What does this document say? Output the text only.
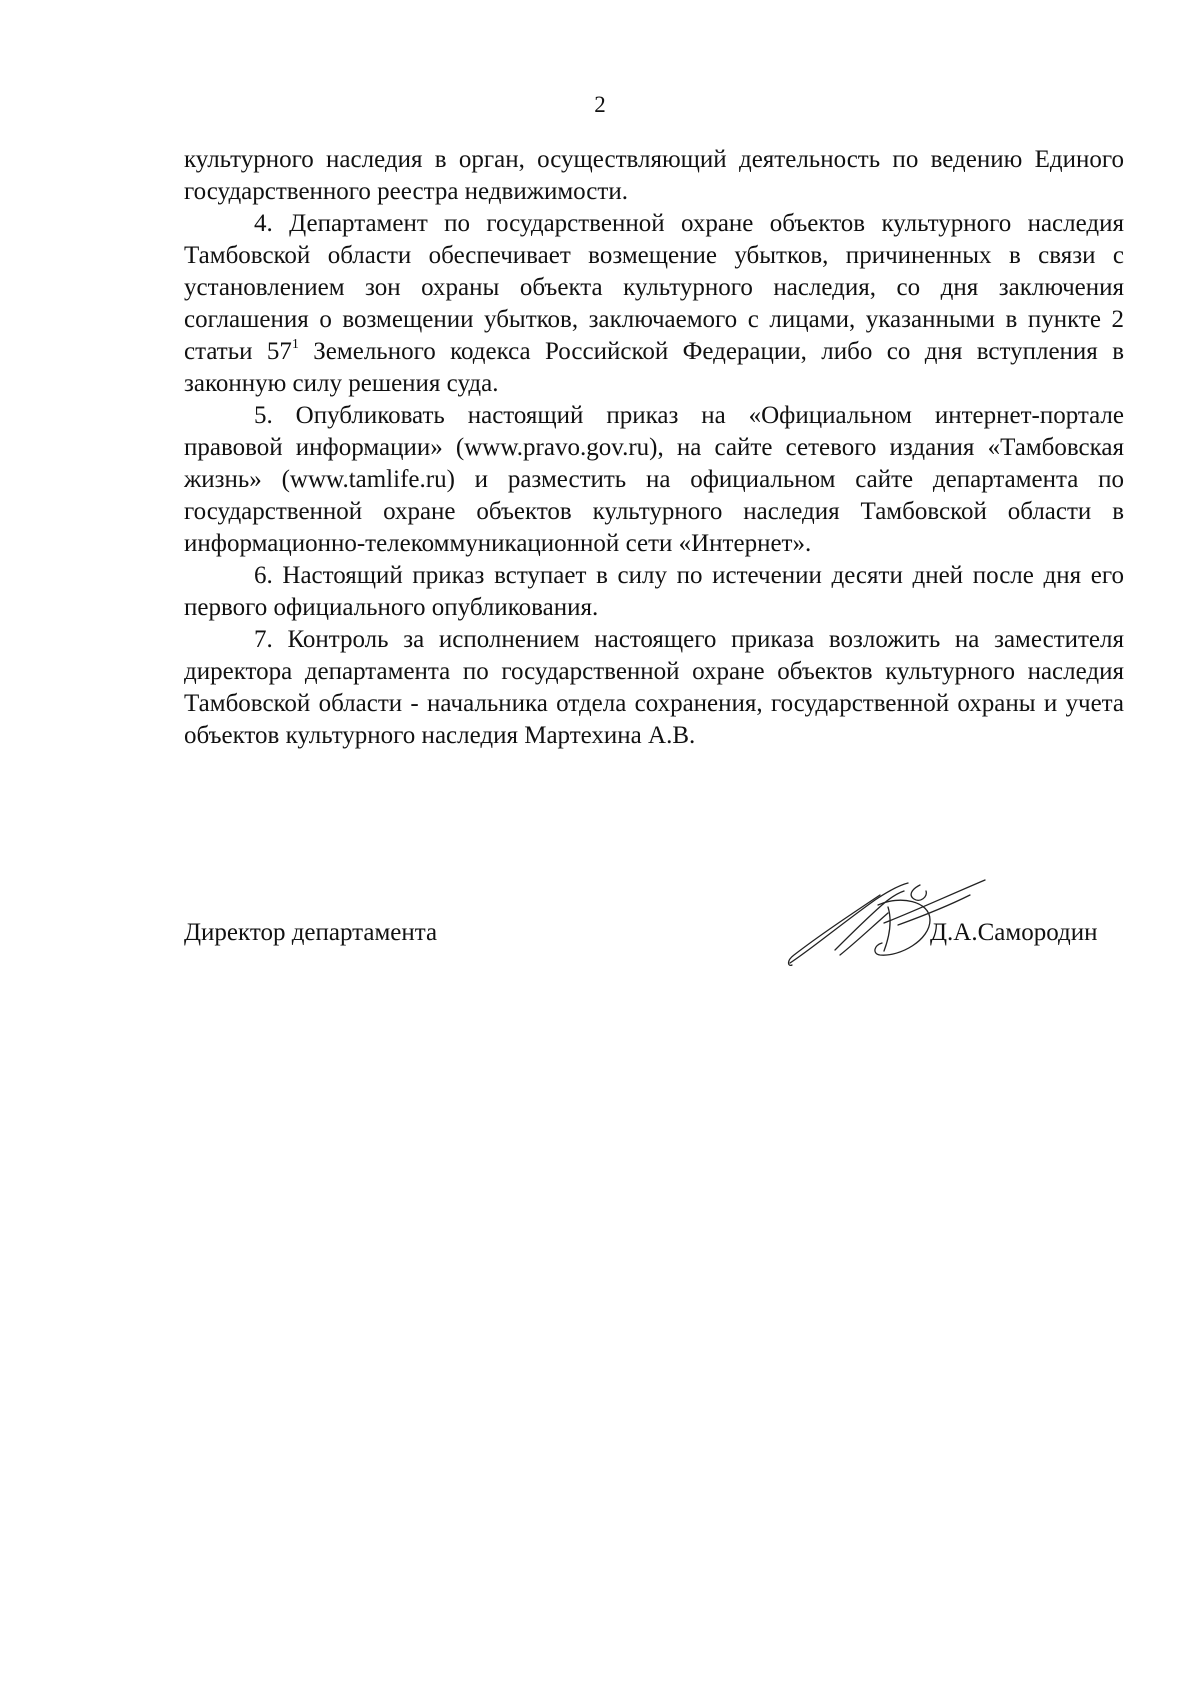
2

культурного наследия в орган, осуществляющий деятельность по ведению Единого государственного реестра недвижимости.

4. Департамент по государственной охране объектов культурного наследия Тамбовской области обеспечивает возмещение убытков, причиненных в связи с установлением зон охраны объекта культурного наследия, со дня заключения соглашения о возмещении убытков, заключаемого с лицами, указанными в пункте 2 статьи $57^1$ Земельного кодекса Российской Федерации, либо со дня вступления в законную силу решения суда.

5. Опубликовать настоящий приказ на «Официальном интернет-портале правовой информации» (www.pravo.gov.ru), на сайте сетевого издания «Тамбовская жизнь» (www.tamlife.ru) и разместить на официальном сайте департамента по государственной охране объектов культурного наследия Тамбовской области в информационно-телекоммуникационной сети «Интернет».

6. Настоящий приказ вступает в силу по истечении десяти дней после дня его первого официального опубликования.

7. Контроль за исполнением настоящего приказа возложить на заместителя директора департамента по государственной охране объектов культурного наследия Тамбовской области - начальника отдела сохранения, государственной охраны и учета объектов культурного наследия Мартехина А.В.

Директор департамента	Д.А.Самородин
